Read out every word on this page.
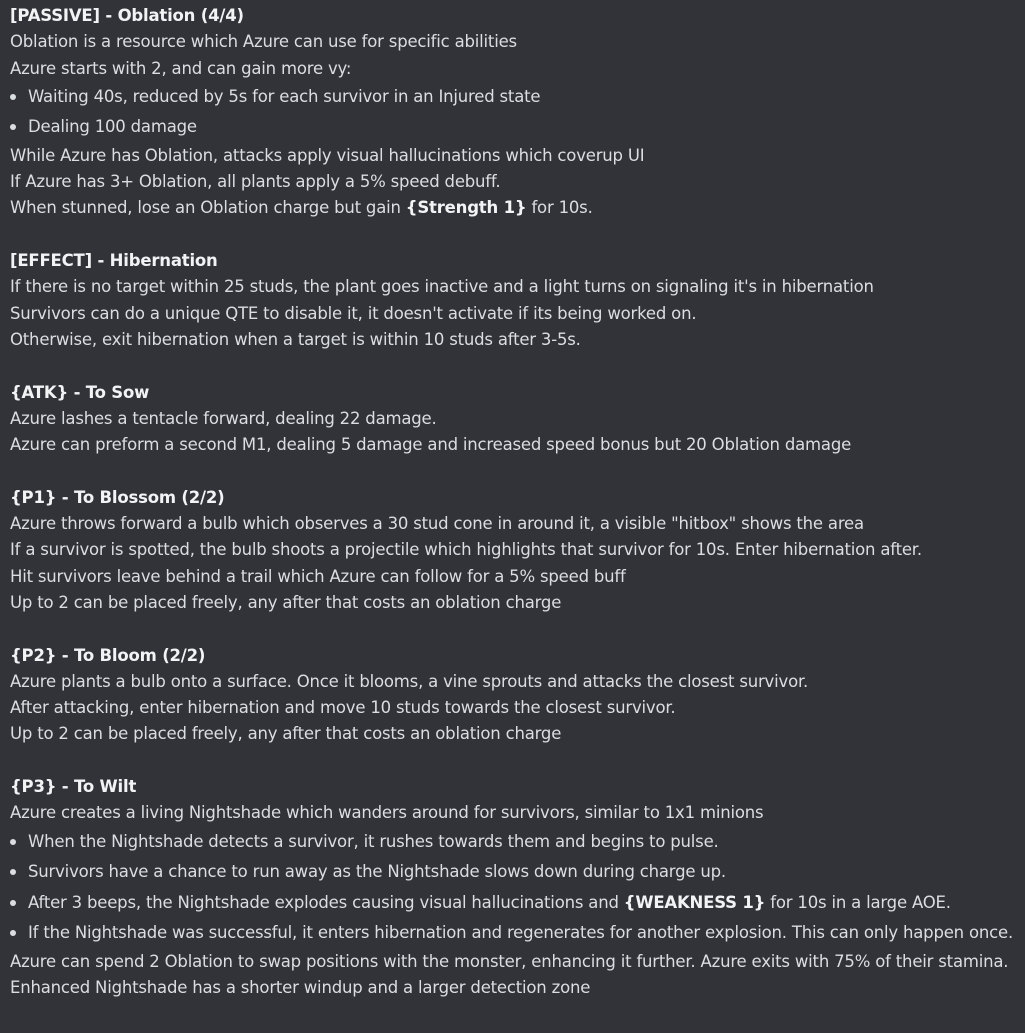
[PASSIVE] - Oblation (4/4)
Oblation is a resource which Azure can use for specific abilities
Azure starts with 2, and can gain more vy:
Waiting 40s, reduced by 5s for each survivor in an Injured state
Dealing 100 damage
While Azure has Oblation, attacks apply visual hallucinations which coverup UI
If Azure has 3+ Oblation, all plants apply a 5% speed debuff.
When stunned, lose an Oblation charge but gain {Strength 1} for 10s.
[EFFECT] - Hibernation
If there is no target within 25 studs, the plant goes inactive and a light turns on signaling it's in hibernation
Survivors can do a unique QTE to disable it, it doesn't activate if its being worked on.
Otherwise, exit hibernation when a target is within 10 studs after 3-5s.
{ATK} - To Sow
Azure lashes a tentacle forward, dealing 22 damage.
Azure can preform a second M1, dealing 5 damage and increased speed bonus but 20 Oblation damage
{P1} - To Blossom (2/2)
Azure throws forward a bulb which observes a 30 stud cone in around it, a visible "hitbox" shows the area
If a survivor is spotted, the bulb shoots a projectile which highlights that survivor for 10s. Enter hibernation after.
Hit survivors leave behind a trail which Azure can follow for a 5% speed buff
Up to 2 can be placed freely, any after that costs an oblation charge
{P2} - To Bloom (2/2)
Azure plants a bulb onto a surface. Once it blooms, a vine sprouts and attacks the closest survivor.
After attacking, enter hibernation and move 10 studs towards the closest survivor.
Up to 2 can be placed freely, any after that costs an oblation charge
{P3} - To Wilt
Azure creates a living Nightshade which wanders around for survivors, similar to 1x1 minions
When the Nightshade detects a survivor, it rushes towards them and begins to pulse.
Survivors have a chance to run away as the Nightshade slows down during charge up.
After 3 beeps, the Nightshade explodes causing visual hallucinations and {WEAKNESS 1} for 10s in a large AOE.
If the Nightshade was successful, it enters hibernation and regenerates for another explosion. This can only happen once.
Azure can spend 2 Oblation to swap positions with the monster, enhancing it further. Azure exits with 75% of their stamina.
Enhanced Nightshade has a shorter windup and a larger detection zone
